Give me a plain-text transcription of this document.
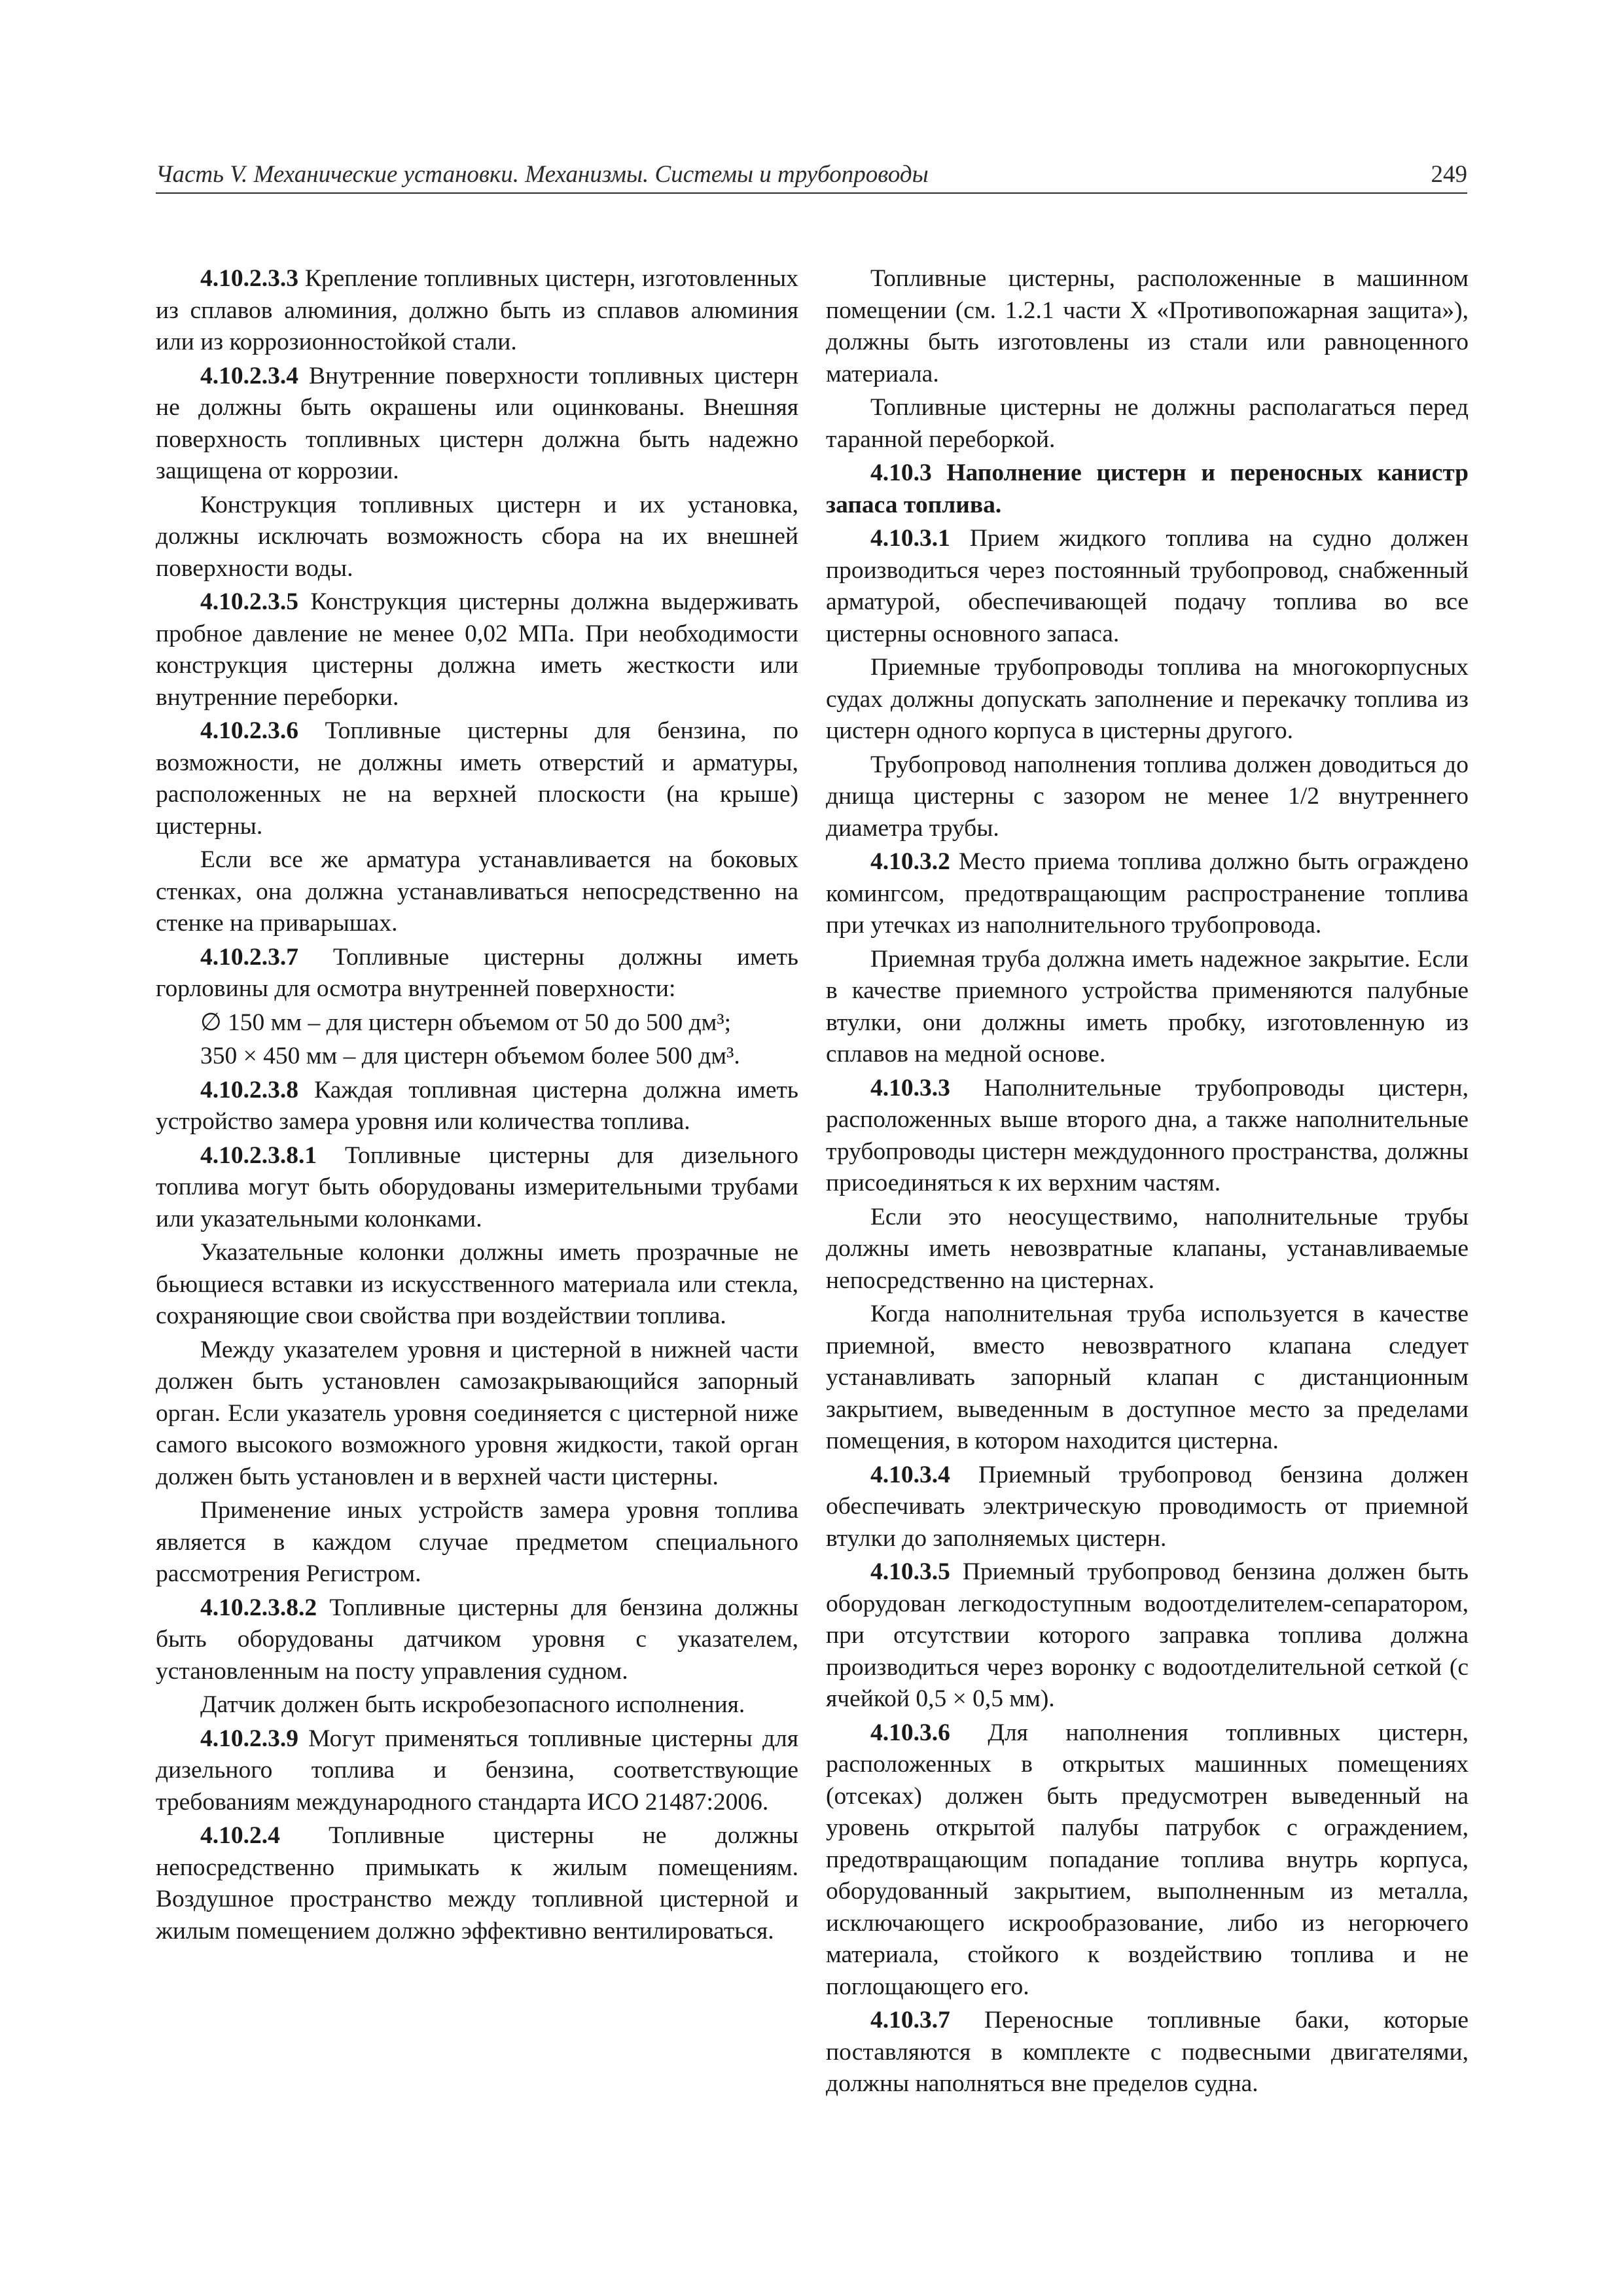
Часть V. Механические установки. Механизмы. Системы и трубопроводы	249

4.10.2.3.3 Крепление топливных цистерн, изготовленных из сплавов алюминия, должно быть из сплавов алюминия или из коррозионностойкой стали.

4.10.2.3.4 Внутренние поверхности топливных цистерн не должны быть окрашены или оцинкованы. Внешняя поверхность топливных цистерн должна быть надежно защищена от коррозии.

Конструкция топливных цистерн и их установка, должны исключать возможность сбора на их внешней поверхности воды.

4.10.2.3.5 Конструкция цистерны должна выдерживать пробное давление не менее 0,02 МПа. При необходимости конструкция цистерны должна иметь жесткости или внутренние переборки.

4.10.2.3.6 Топливные цистерны для бензина, по возможности, не должны иметь отверстий и арматуры, расположенных не на верхней плоскости (на крыше) цистерны.

Если все же арматура устанавливается на боковых стенках, она должна устанавливаться непосредственно на стенке на приварышах.

4.10.2.3.7 Топливные цистерны должны иметь горловины для осмотра внутренней поверхности:

∅ 150 мм – для цистерн объемом от 50 до 500 дм³;

350 × 450 мм – для цистерн объемом более 500 дм³.

4.10.2.3.8 Каждая топливная цистерна должна иметь устройство замера уровня или количества топлива.

4.10.2.3.8.1 Топливные цистерны для дизельного топлива могут быть оборудованы измерительными трубами или указательными колонками.

Указательные колонки должны иметь прозрачные не бьющиеся вставки из искусственного материала или стекла, сохраняющие свои свойства при воздействии топлива.

Между указателем уровня и цистерной в нижней части должен быть установлен самозакрывающийся запорный орган. Если указатель уровня соединяется с цистерной ниже самого высокого возможного уровня жидкости, такой орган должен быть установлен и в верхней части цистерны.

Применение иных устройств замера уровня топлива является в каждом случае предметом специального рассмотрения Регистром.

4.10.2.3.8.2 Топливные цистерны для бензина должны быть оборудованы датчиком уровня с указателем, установленным на посту управления судном.

Датчик должен быть искробезопасного исполнения.

4.10.2.3.9 Могут применяться топливные цистерны для дизельного топлива и бензина, соответствующие требованиям международного стандарта ИСО 21487:2006.

4.10.2.4 Топливные цистерны не должны непосредственно примыкать к жилым помещениям. Воздушное пространство между топливной цистерной и жилым помещением должно эффективно вентилироваться.

Топливные цистерны, расположенные в машинном помещении (см. 1.2.1 части X «Противопожарная защита»), должны быть изготовлены из стали или равноценного материала.

Топливные цистерны не должны располагаться перед таранной переборкой.

4.10.3 Наполнение цистерн и переносных канистр запаса топлива.

4.10.3.1 Прием жидкого топлива на судно должен производиться через постоянный трубопровод, снабженный арматурой, обеспечивающей подачу топлива во все цистерны основного запаса.

Приемные трубопроводы топлива на многокорпусных судах должны допускать заполнение и перекачку топлива из цистерн одного корпуса в цистерны другого.

Трубопровод наполнения топлива должен доводиться до днища цистерны с зазором не менее 1/2 внутреннего диаметра трубы.

4.10.3.2 Место приема топлива должно быть ограждено комингсом, предотвращающим распространение топлива при утечках из наполнительного трубопровода.

Приемная труба должна иметь надежное закрытие. Если в качестве приемного устройства применяются палубные втулки, они должны иметь пробку, изготовленную из сплавов на медной основе.

4.10.3.3 Наполнительные трубопроводы цистерн, расположенных выше второго дна, а также наполнительные трубопроводы цистерн междудонного пространства, должны присоединяться к их верхним частям.

Если это неосуществимо, наполнительные трубы должны иметь невозвратные клапаны, устанавливаемые непосредственно на цистернах.

Когда наполнительная труба используется в качестве приемной, вместо невозвратного клапана следует устанавливать запорный клапан с дистанционным закрытием, выведенным в доступное место за пределами помещения, в котором находится цистерна.

4.10.3.4 Приемный трубопровод бензина должен обеспечивать электрическую проводимость от приемной втулки до заполняемых цистерн.

4.10.3.5 Приемный трубопровод бензина должен быть оборудован легкодоступным водоотделителем-сепаратором, при отсутствии которого заправка топлива должна производиться через воронку с водоотделительной сеткой (с ячейкой 0,5 × 0,5 мм).

4.10.3.6 Для наполнения топливных цистерн, расположенных в открытых машинных помещениях (отсеках) должен быть предусмотрен выведенный на уровень открытой палубы патрубок с ограждением, предотвращающим попадание топлива внутрь корпуса, оборудованный закрытием, выполненным из металла, исключающего искрообразование, либо из негорючего материала, стойкого к воздействию топлива и не поглощающего его.

4.10.3.7 Переносные топливные баки, которые поставляются в комплекте с подвесными двигателями, должны наполняться вне пределов судна.
